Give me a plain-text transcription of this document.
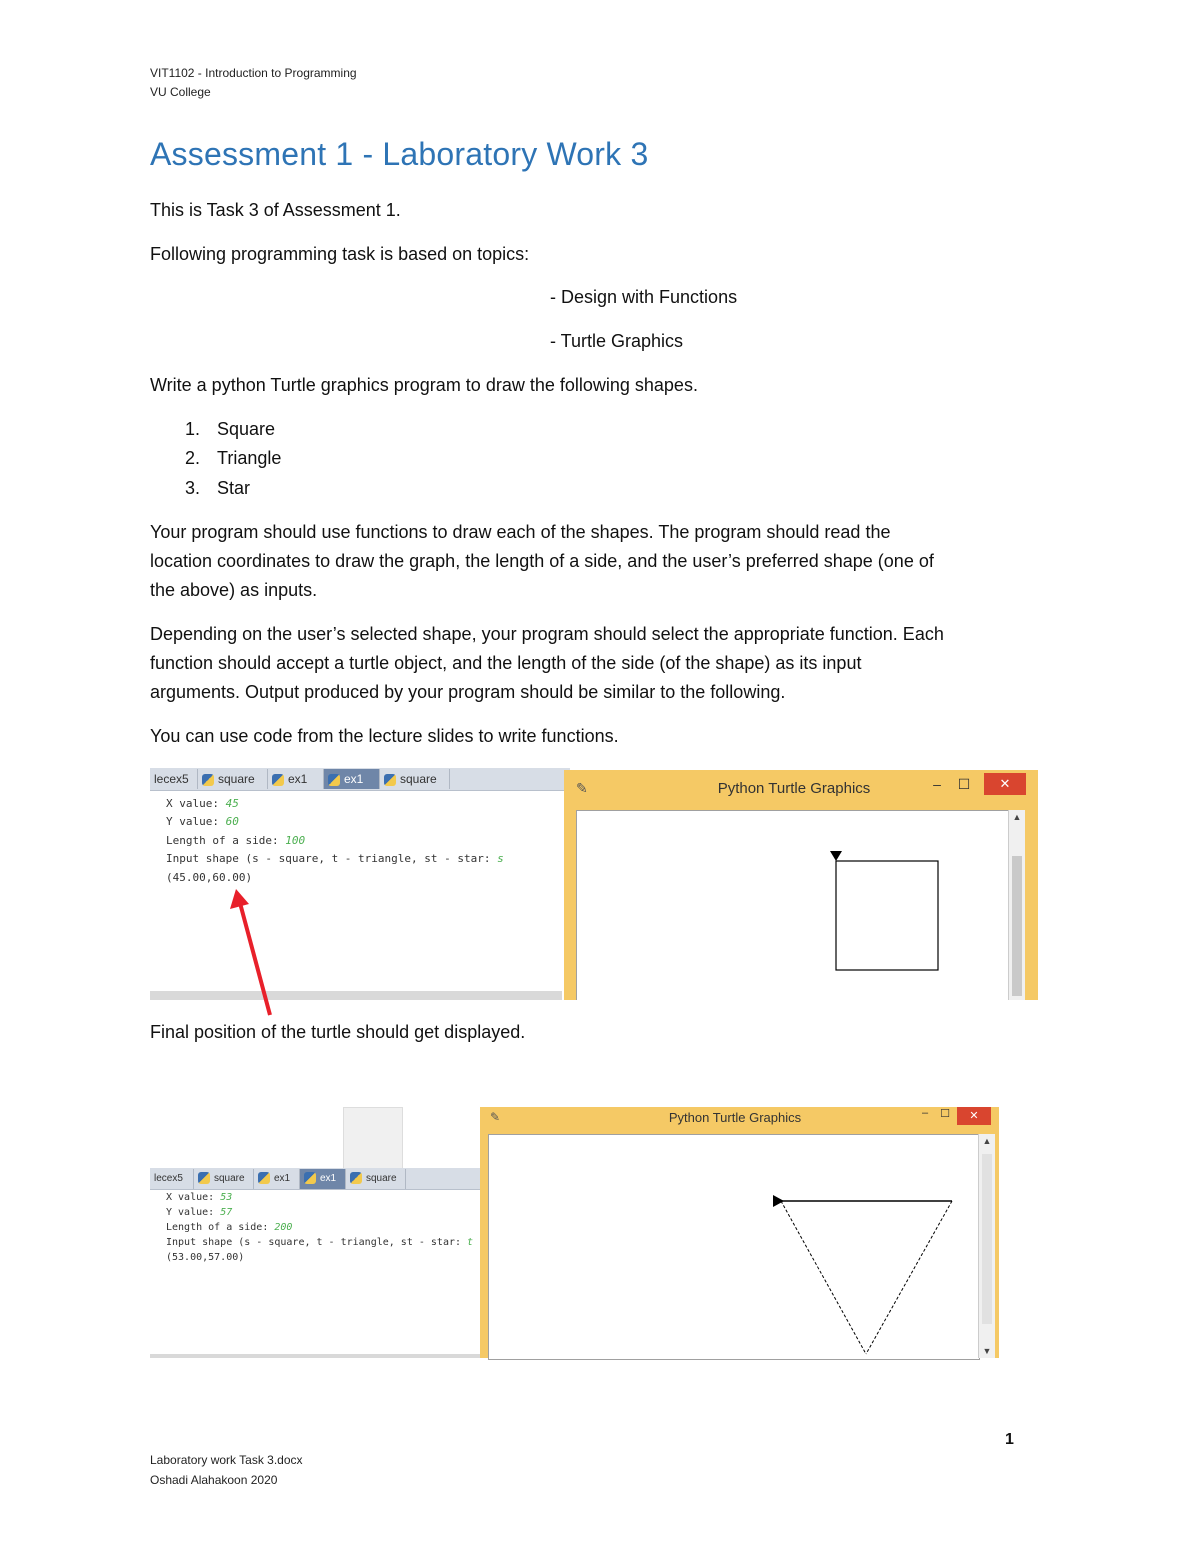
VIT1102 - Introduction to Programming
VU College
Assessment 1 - Laboratory Work 3
This is Task 3 of Assessment 1.
Following programming task is based on topics:
- Design with Functions
- Turtle Graphics
Write a python Turtle graphics program to draw the following shapes.
1. Square
2. Triangle
3. Star
Your program should use functions to draw each of the shapes. The program should read the
location coordinates to draw the graph, the length of a side, and the user’s preferred shape (one of
the above) as inputs.
Depending on the user’s selected shape, your program should select the appropriate function. Each
function should accept a turtle object, and the length of the side (of the shape) as its input
arguments. Output produced by your program should be similar to the following.
You can use code from the lecture slides to write functions.
lecex5	square	ex1	ex1	square
X value: 45
Y value: 60
Length of a side: 100
Input shape (s - square, t - triangle, st - star: s
(45.00,60.00)
✎	Python Turtle Graphics	–	☐	✕
▲
Final position of the turtle should get displayed.
lecex5	square	ex1	ex1	square
X value: 53
Y value: 57
Length of a side: 200
Input shape (s - square, t - triangle, st - star: t
(53.00,57.00)
✎	Python Turtle Graphics	–	☐	✕
▲
▼
1
Laboratory work Task 3.docx
Oshadi Alahakoon 2020
